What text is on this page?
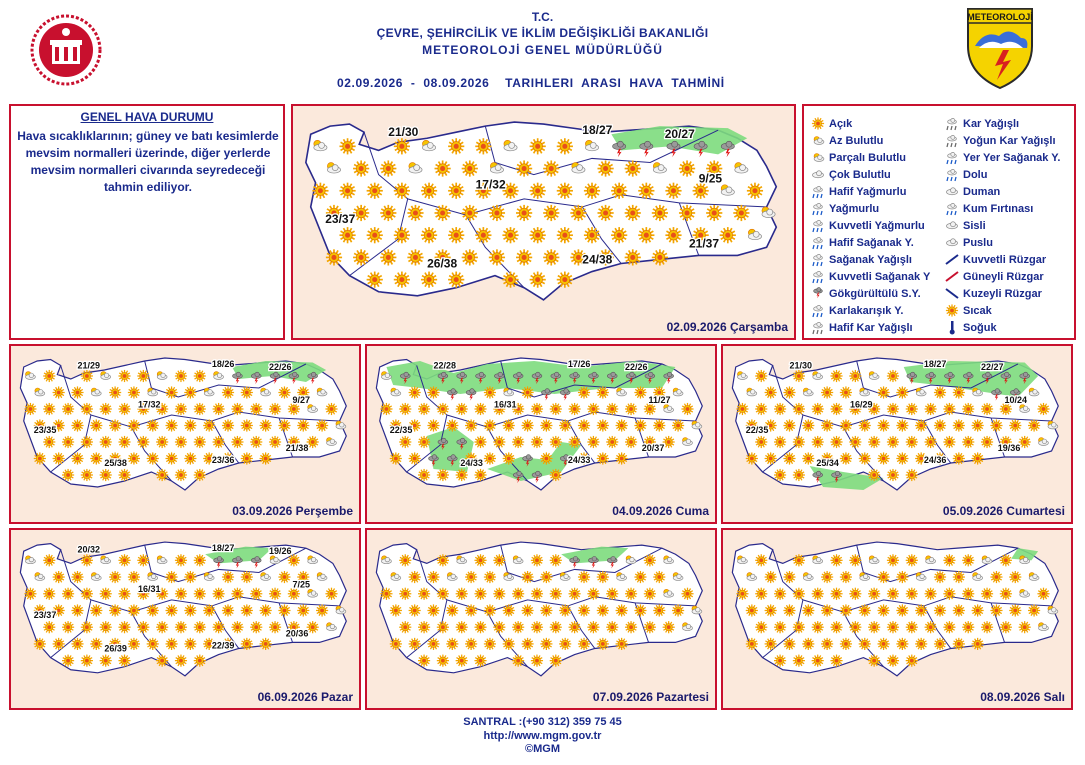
T.C.
ÇEVRE, ŞEHİRCİLİK VE İKLİM DEĞİŞİKLİĞİ BAKANLIĞI
METEOROLOJİ GENEL MÜDÜRLÜĞÜ
02.09.2026  -  08.09.2026    TARIHLERI  ARASI  HAVA  TAHMİNİ
METEOROLOJİ
GENEL HAVA DURUMU
Hava sıcaklıklarının; güney ve batı kesimlerde mevsim normalleri üzerinde, diğer yerlerde mevsim normalleri civarında seyredeceği tahmin ediliyor.
21/30	18/27	20/27
17/32	9/25
23/37
21/37
24/38
26/38
02.09.2026 Çarşamba
21/29	18/26	22/26
17/32	9/27
23/35
21/38
23/36
25/38
03.09.2026 Perşembe
22/28	17/26	22/26
16/31	11/27
22/35
20/37
24/33
24/33
04.09.2026 Cuma
21/30	18/27	22/27
16/29	10/24
22/35
19/36
24/36
25/34
05.09.2026 Cumartesi
20/32	18/27	19/26
16/31	7/25
23/37
20/36
22/39
26/39
06.09.2026 Pazar	07.09.2026 Pazartesi	08.09.2026 Salı
Açık
Az Bulutlu
Parçalı Bulutlu
Çok Bulutlu
Hafif Yağmurlu
Yağmurlu
Kuvvetli Yağmurlu
Hafif Sağanak Y.
Sağanak Yağışlı
Kuvvetli Sağanak Y
Gökgürültülü S.Y.
Karlakarışık Y.
Hafif Kar Yağışlı
Kar Yağışlı
Yoğun Kar Yağışlı
Yer Yer Sağanak Y.
Dolu
Duman
Kum Fırtınası
Sisli
Puslu
Kuvvetli Rüzgar
Güneyli Rüzgar
Kuzeyli Rüzgar
Sıcak
Soğuk
SANTRAL :(+90 312) 359 75 45
http://www.mgm.gov.tr
©MGM
